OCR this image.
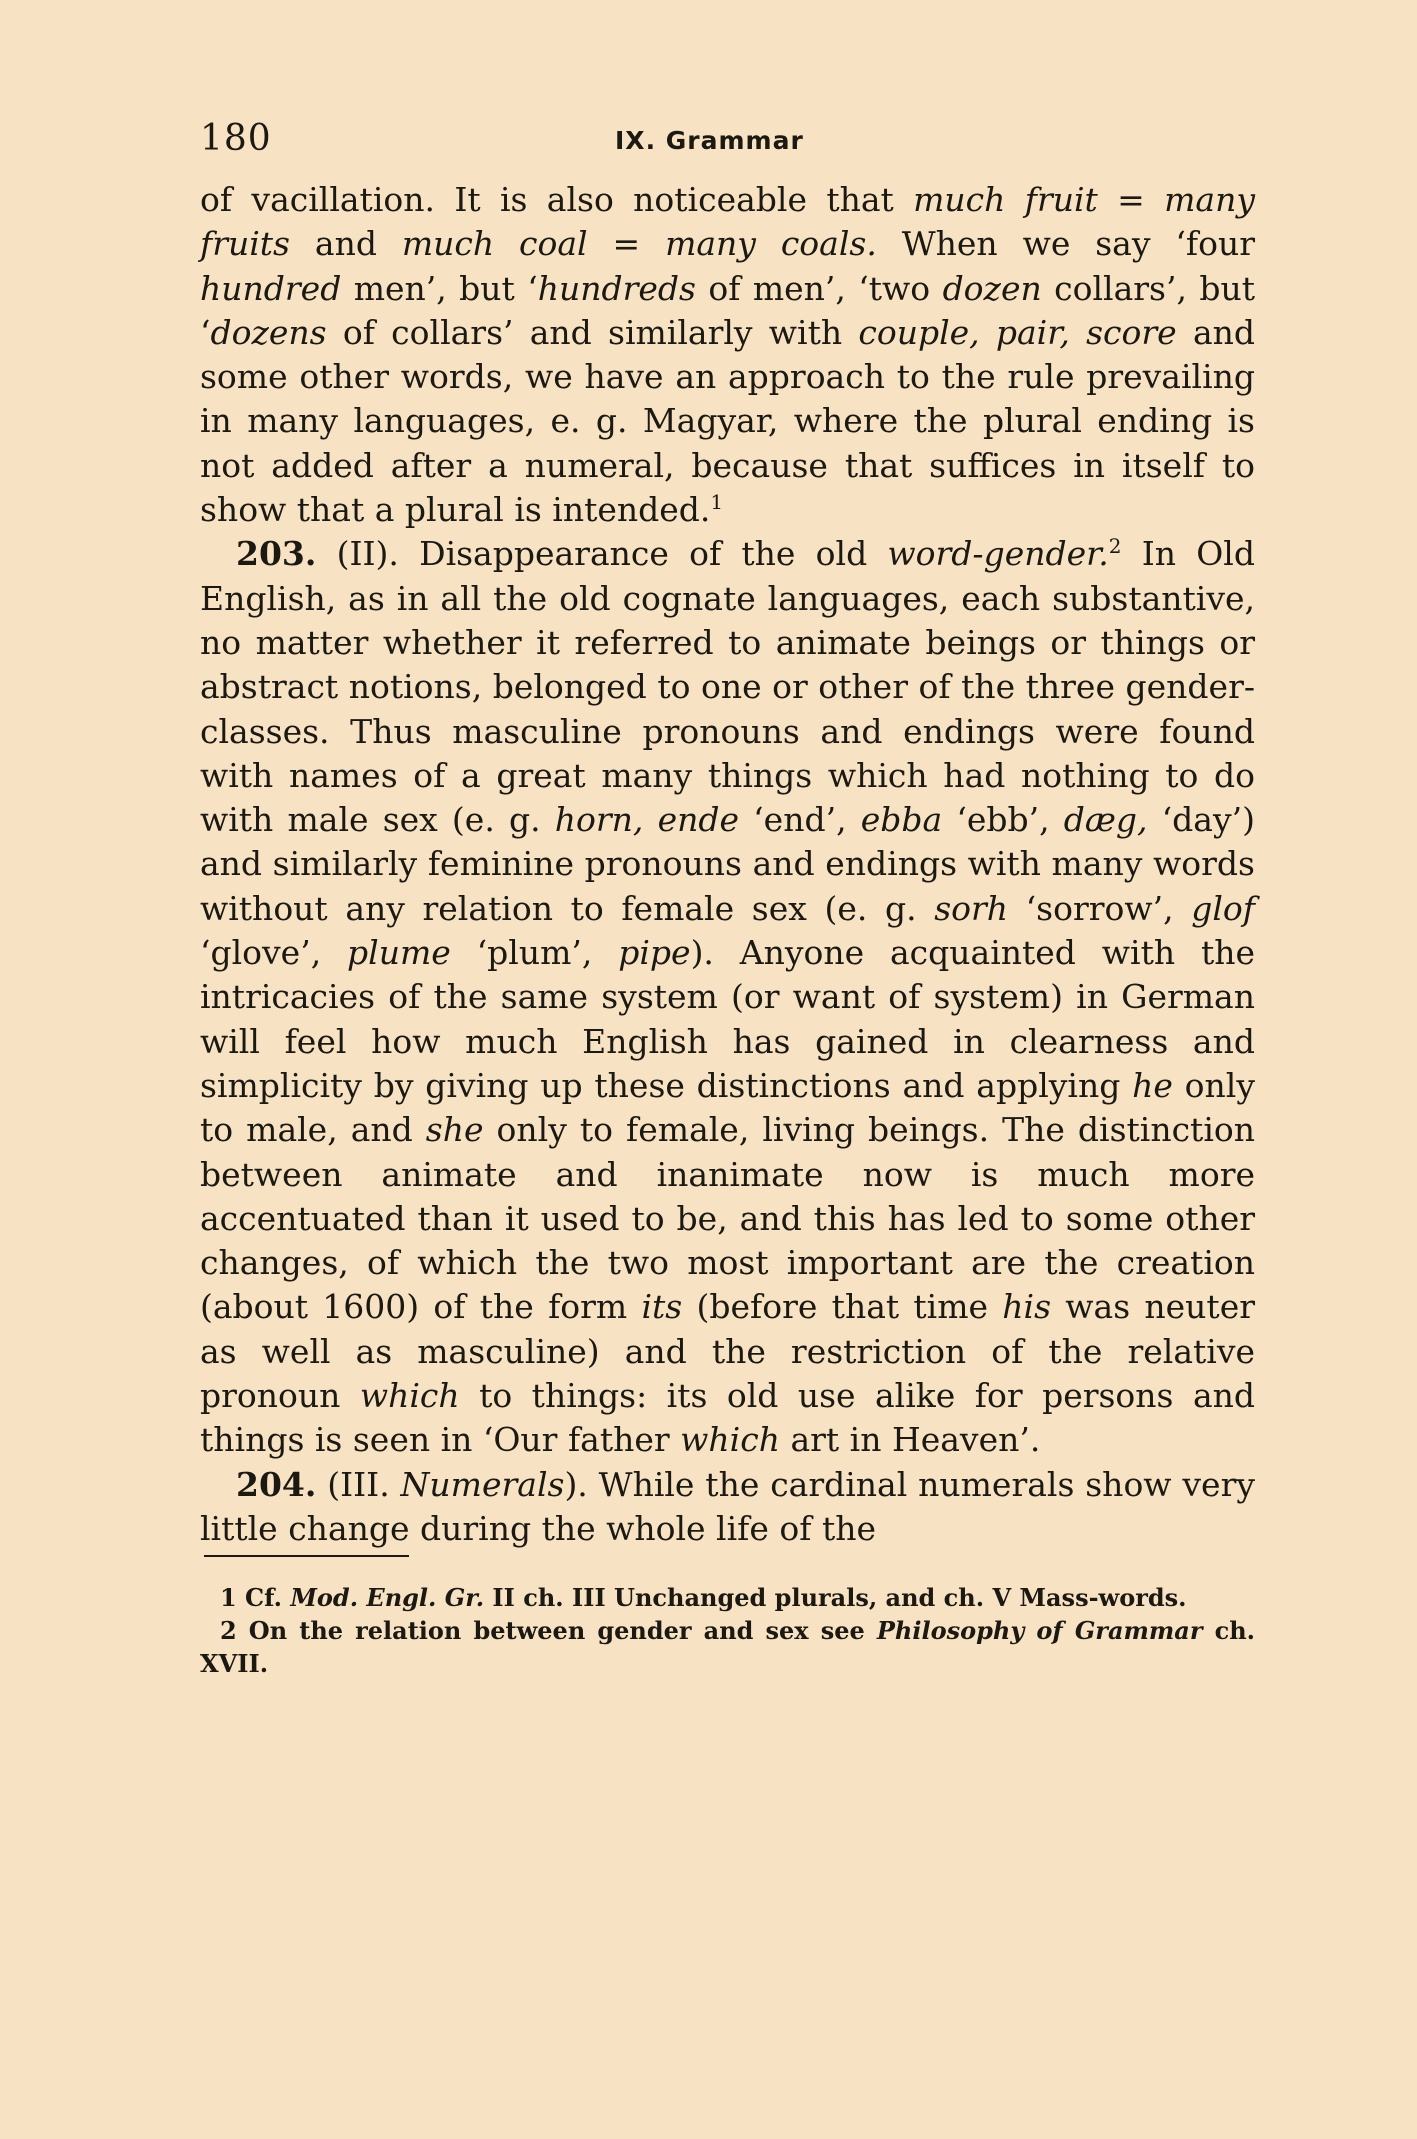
180	IX. Grammar

of vacillation. It is also noticeable that much fruit = many fruits and much coal = many coals. When we say ‘four hundred men’, but ‘hundreds of men’, ‘two dozen collars’, but ‘dozens of collars’ and similarly with couple, pair, score and some other words, we have an approach to the rule prevailing in many languages, e. g. Magyar, where the plural ending is not added after a numeral, because that suffices in itself to show that a plural is intended.$^1$

203. (II). Disappearance of the old word-gender.$^2$ In Old English, as in all the old cognate languages, each substantive, no matter whether it referred to animate beings or things or abstract notions, belonged to one or other of the three gender-classes. Thus masculine pronouns and endings were found with names of a great many things which had nothing to do with male sex (e. g. horn, ende ‘end’, ebba ‘ebb’, dæg, ‘day’) and similarly feminine pronouns and endings with many words without any relation to female sex (e. g. sorh ‘sorrow’, glof ‘glove’, plume ‘plum’, pipe). Anyone acquainted with the intricacies of the same system (or want of system) in German will feel how much English has gained in clearness and simplicity by giving up these distinctions and applying he only to male, and she only to female, living beings. The distinction between animate and inanimate now is much more accentuated than it used to be, and this has led to some other changes, of which the two most important are the creation (about 1600) of the form its (before that time his was neuter as well as masculine) and the restriction of the relative pronoun which to things: its old use alike for persons and things is seen in ‘Our father which art in Heaven’.

204. (III. Numerals). While the cardinal numerals show very little change during the whole life of the

1 Cf. Mod. Engl. Gr. II ch. III Unchanged plurals, and ch. V Mass-words.

2 On the relation between gender and sex see Philosophy of Grammar ch. XVII.
